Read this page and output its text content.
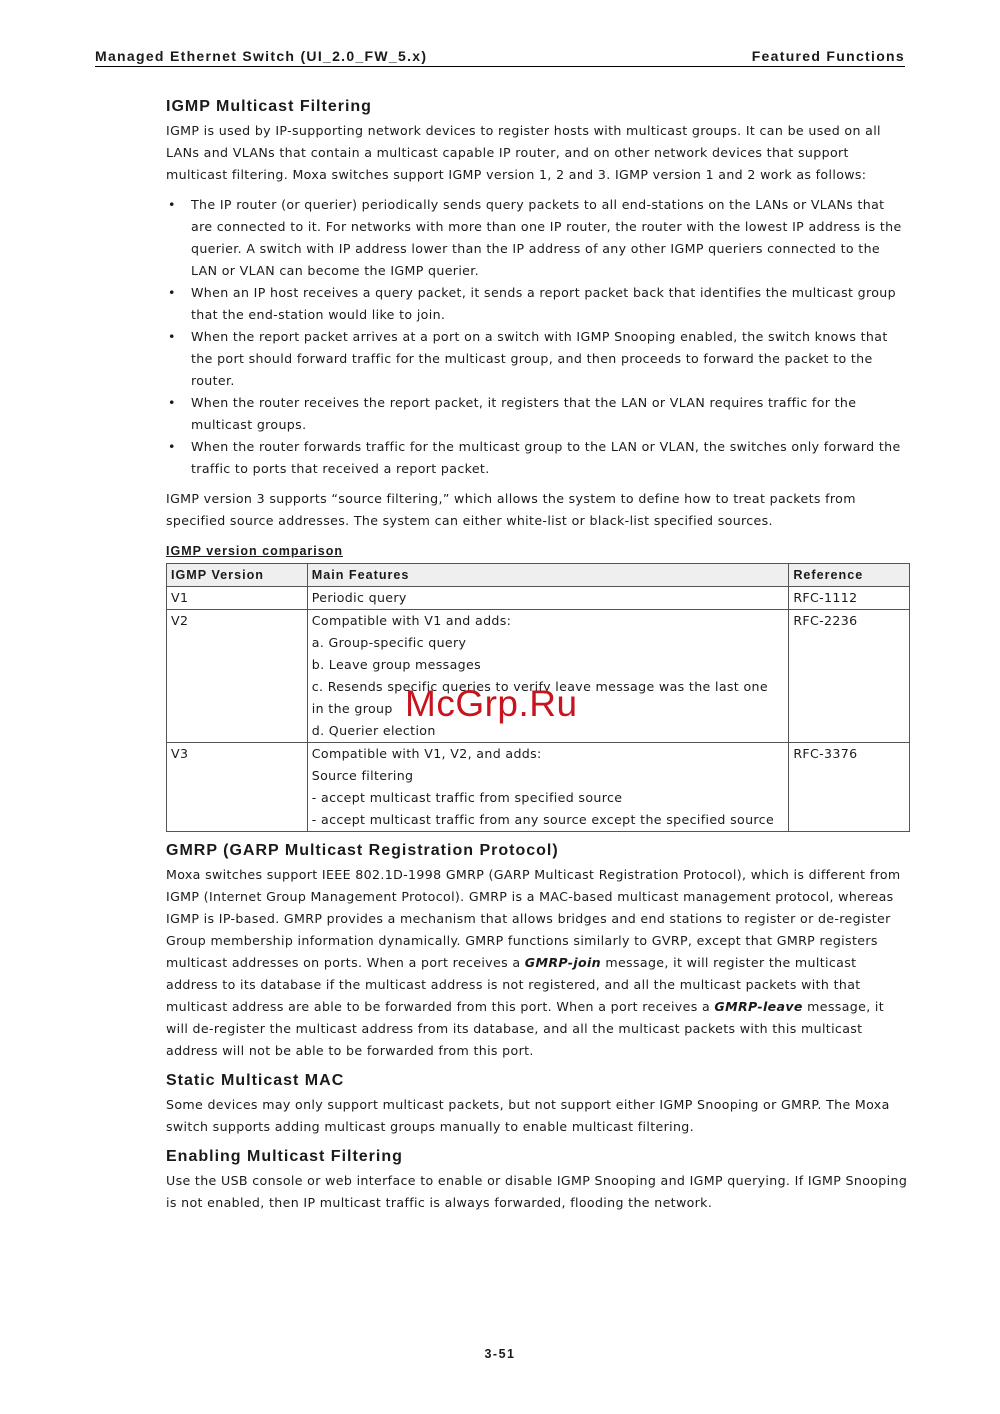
Managed Ethernet Switch (UI_2.0_FW_5.x)	Featured Functions
IGMP Multicast Filtering

IGMP is used by IP-supporting network devices to register hosts with multicast groups. It can be used on all LANs and VLANs that contain a multicast capable IP router, and on other network devices that support multicast filtering. Moxa switches support IGMP version 1, 2 and 3. IGMP version 1 and 2 work as follows:

• The IP router (or querier) periodically sends query packets to all end-stations on the LANs or VLANs that are connected to it. For networks with more than one IP router, the router with the lowest IP address is the querier. A switch with IP address lower than the IP address of any other IGMP queriers connected to the LAN or VLAN can become the IGMP querier.
• When an IP host receives a query packet, it sends a report packet back that identifies the multicast group that the end-station would like to join.
• When the report packet arrives at a port on a switch with IGMP Snooping enabled, the switch knows that the port should forward traffic for the multicast group, and then proceeds to forward the packet to the router.
• When the router receives the report packet, it registers that the LAN or VLAN requires traffic for the multicast groups.
• When the router forwards traffic for the multicast group to the LAN or VLAN, the switches only forward the traffic to ports that received a report packet.

IGMP version 3 supports “source filtering,” which allows the system to define how to treat packets from specified source addresses. The system can either white-list or black-list specified sources.

IGMP version comparison
IGMP Version	Main Features	Reference
V1	Periodic query	RFC-1112
V2	Compatible with V1 and adds:
a. Group-specific query
b. Leave group messages
c. Resends specific queries to verify leave message was the last one in the group
d. Querier election	RFC-2236
V3	Compatible with V1, V2, and adds:
Source filtering
- accept multicast traffic from specified source
- accept multicast traffic from any source except the specified source	RFC-3376
GMRP (GARP Multicast Registration Protocol)

Moxa switches support IEEE 802.1D-1998 GMRP (GARP Multicast Registration Protocol), which is different from IGMP (Internet Group Management Protocol). GMRP is a MAC-based multicast management protocol, whereas IGMP is IP-based. GMRP provides a mechanism that allows bridges and end stations to register or de-register Group membership information dynamically. GMRP functions similarly to GVRP, except that GMRP registers multicast addresses on ports. When a port receives a GMRP-join message, it will register the multicast address to its database if the multicast address is not registered, and all the multicast packets with that multicast address are able to be forwarded from this port. When a port receives a GMRP-leave message, it will de-register the multicast address from its database, and all the multicast packets with this multicast address will not be able to be forwarded from this port.

Static Multicast MAC

Some devices may only support multicast packets, but not support either IGMP Snooping or GMRP. The Moxa switch supports adding multicast groups manually to enable multicast filtering.

Enabling Multicast Filtering

Use the USB console or web interface to enable or disable IGMP Snooping and IGMP querying. If IGMP Snooping is not enabled, then IP multicast traffic is always forwarded, flooding the network.

McGrp.Ru
3-51
